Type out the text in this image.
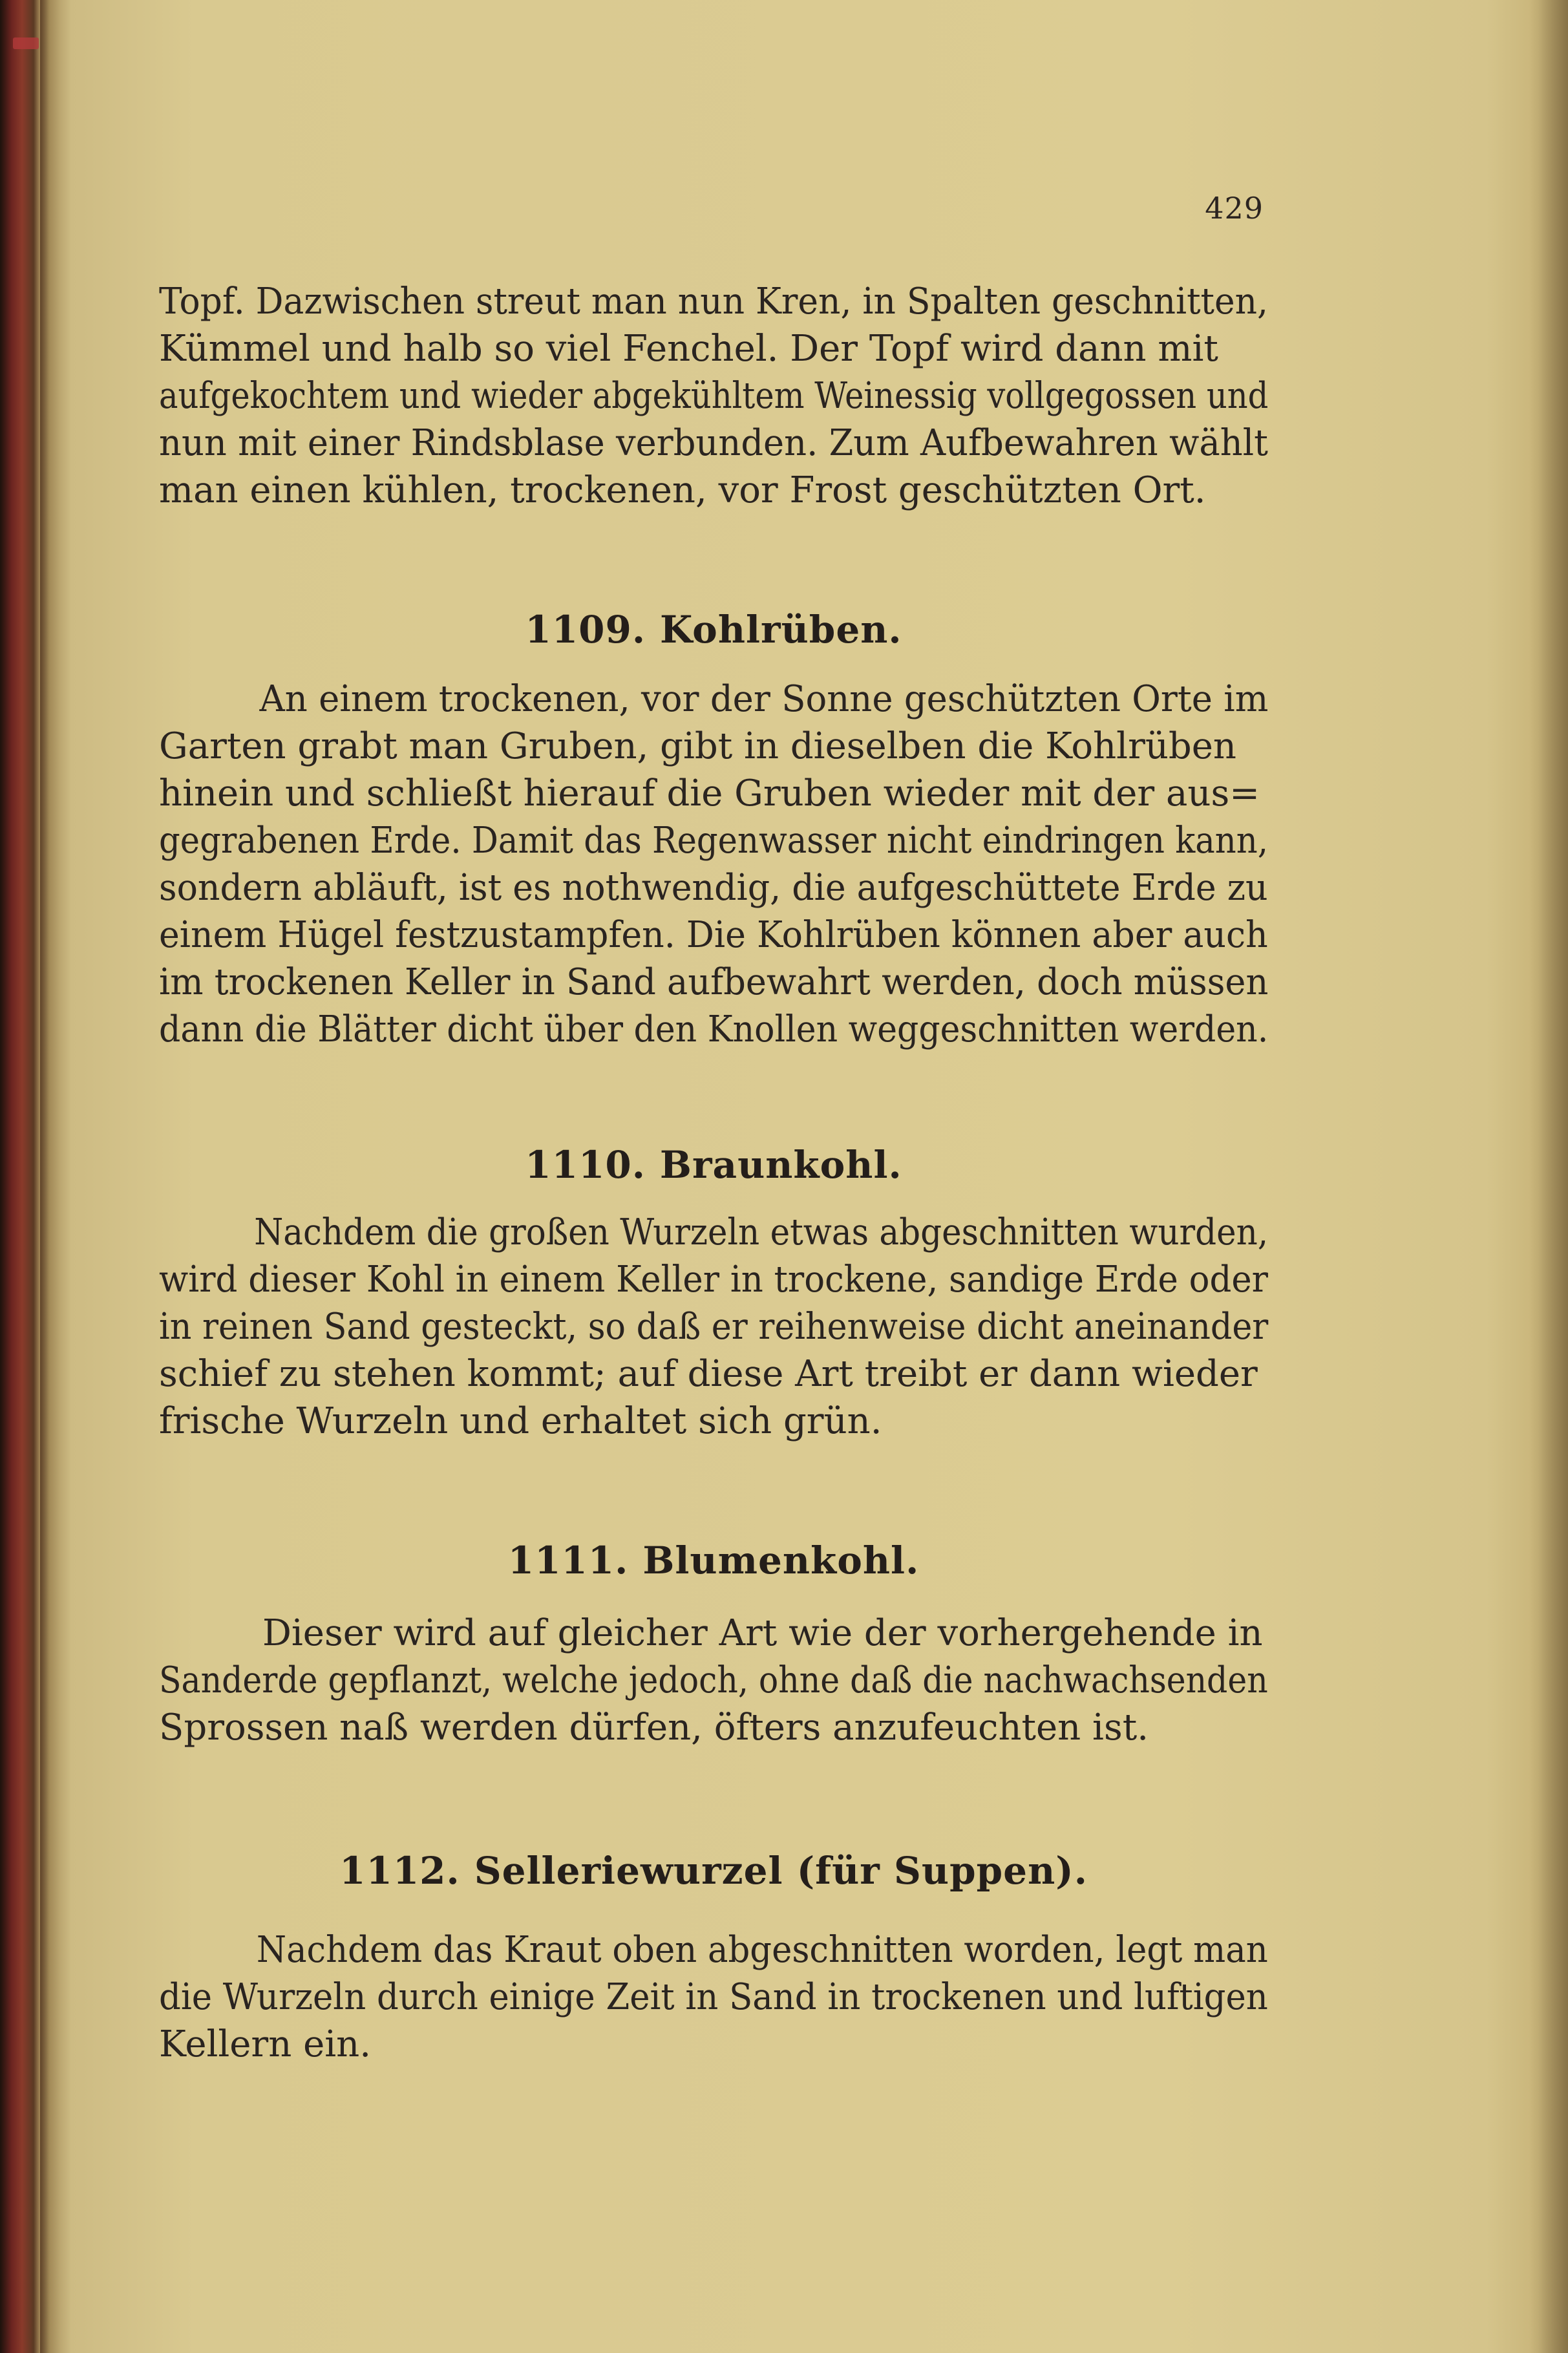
429
Topf. Dazwischen streut man nun Kren, in Spalten geschnitten,
Kümmel und halb so viel Fenchel. Der Topf wird dann mit
aufgekochtem und wieder abgekühltem Weinessig vollgegossen und
nun mit einer Rindsblase verbunden. Zum Aufbewahren wählt
man einen kühlen, trockenen, vor Frost geschützten Ort.
1109. Kohlrüben.
An einem trockenen, vor der Sonne geschützten Orte im
Garten grabt man Gruben, gibt in dieselben die Kohlrüben
hinein und schließt hierauf die Gruben wieder mit der aus=
gegrabenen Erde. Damit das Regenwasser nicht eindringen kann,
sondern abläuft, ist es nothwendig, die aufgeschüttete Erde zu
einem Hügel festzustampfen. Die Kohlrüben können aber auch
im trockenen Keller in Sand aufbewahrt werden, doch müssen
dann die Blätter dicht über den Knollen weggeschnitten werden.
1110. Braunkohl.
Nachdem die großen Wurzeln etwas abgeschnitten wurden,
wird dieser Kohl in einem Keller in trockene, sandige Erde oder
in reinen Sand gesteckt, so daß er reihenweise dicht aneinander
schief zu stehen kommt; auf diese Art treibt er dann wieder
frische Wurzeln und erhaltet sich grün.
1111. Blumenkohl.
Dieser wird auf gleicher Art wie der vorhergehende in
Sanderde gepflanzt, welche jedoch, ohne daß die nachwachsenden
Sprossen naß werden dürfen, öfters anzufeuchten ist.
1112. Selleriewurzel (für Suppen).
Nachdem das Kraut oben abgeschnitten worden, legt man
die Wurzeln durch einige Zeit in Sand in trockenen und luftigen
Kellern ein.
